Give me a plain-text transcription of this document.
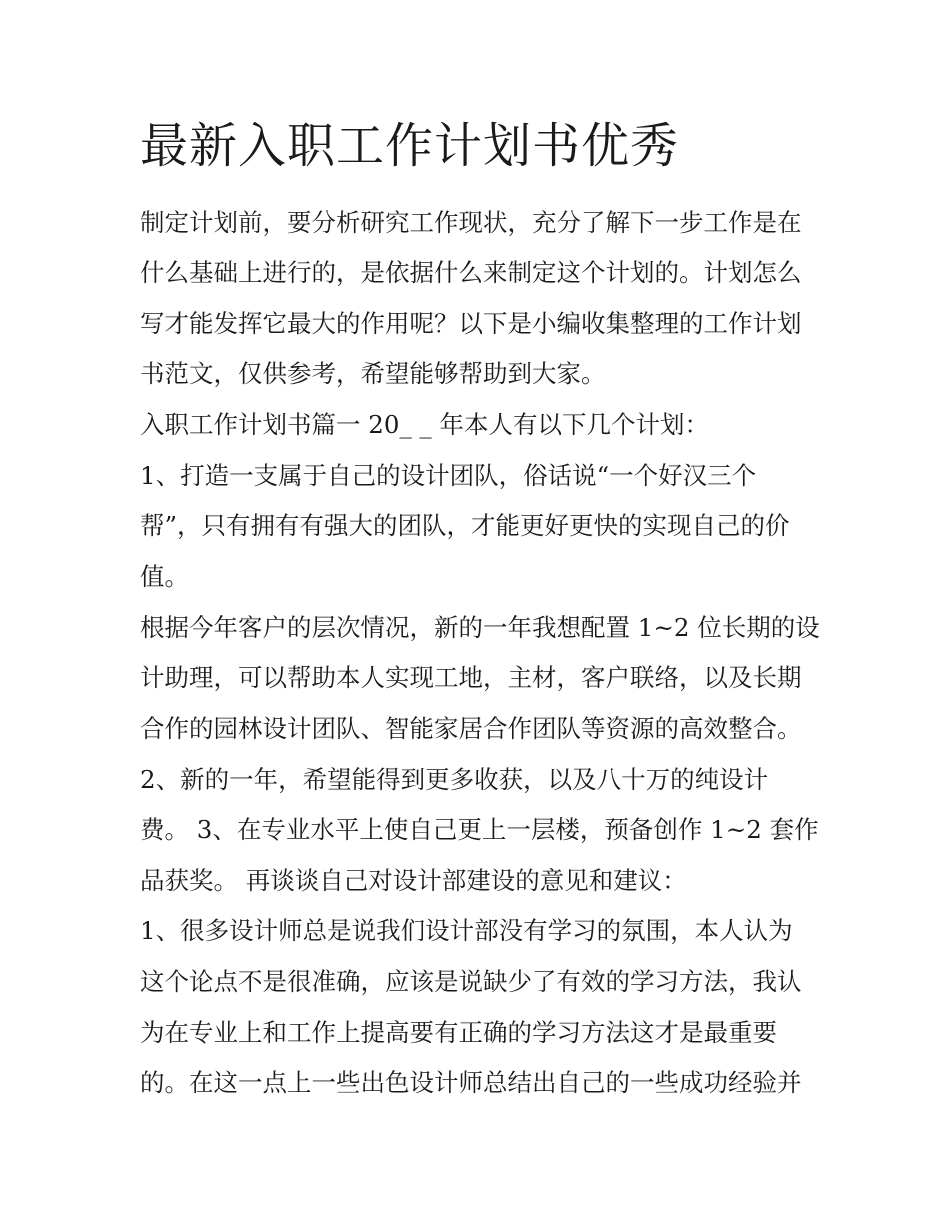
最新入职工作计划书优秀

制定计划前，要分析研究工作现状，充分了解下一步工作是在

什么基础上进行的，是依据什么来制定这个计划的。计划怎么

写才能发挥它最大的作用呢？以下是小编收集整理的工作计划

书范文，仅供参考，希望能够帮助到大家。

入职工作计划书篇一 20_ _ 年本人有以下几个计划：

1、打造一支属于自己的设计团队，俗话说“一个好汉三个

帮”，只有拥有有强大的团队，才能更好更快的实现自己的价

值。

根据今年客户的层次情况，新的一年我想配置 1~2 位长期的设

计助理，可以帮助本人实现工地，主材，客户联络，以及长期

合作的园林设计团队、智能家居合作团队等资源的高效整合。

2、新的一年，希望能得到更多收获，以及八十万的纯设计

费。 3、在专业水平上使自己更上一层楼，预备创作 1~2 套作

品获奖。 再谈谈自己对设计部建设的意见和建议：

1、很多设计师总是说我们设计部没有学习的氛围，本人认为

这个论点不是很准确，应该是说缺少了有效的学习方法，我认

为在专业上和工作上提高要有正确的学习方法这才是最重要

的。在这一点上一些出色设计师总结出自己的一些成功经验并
